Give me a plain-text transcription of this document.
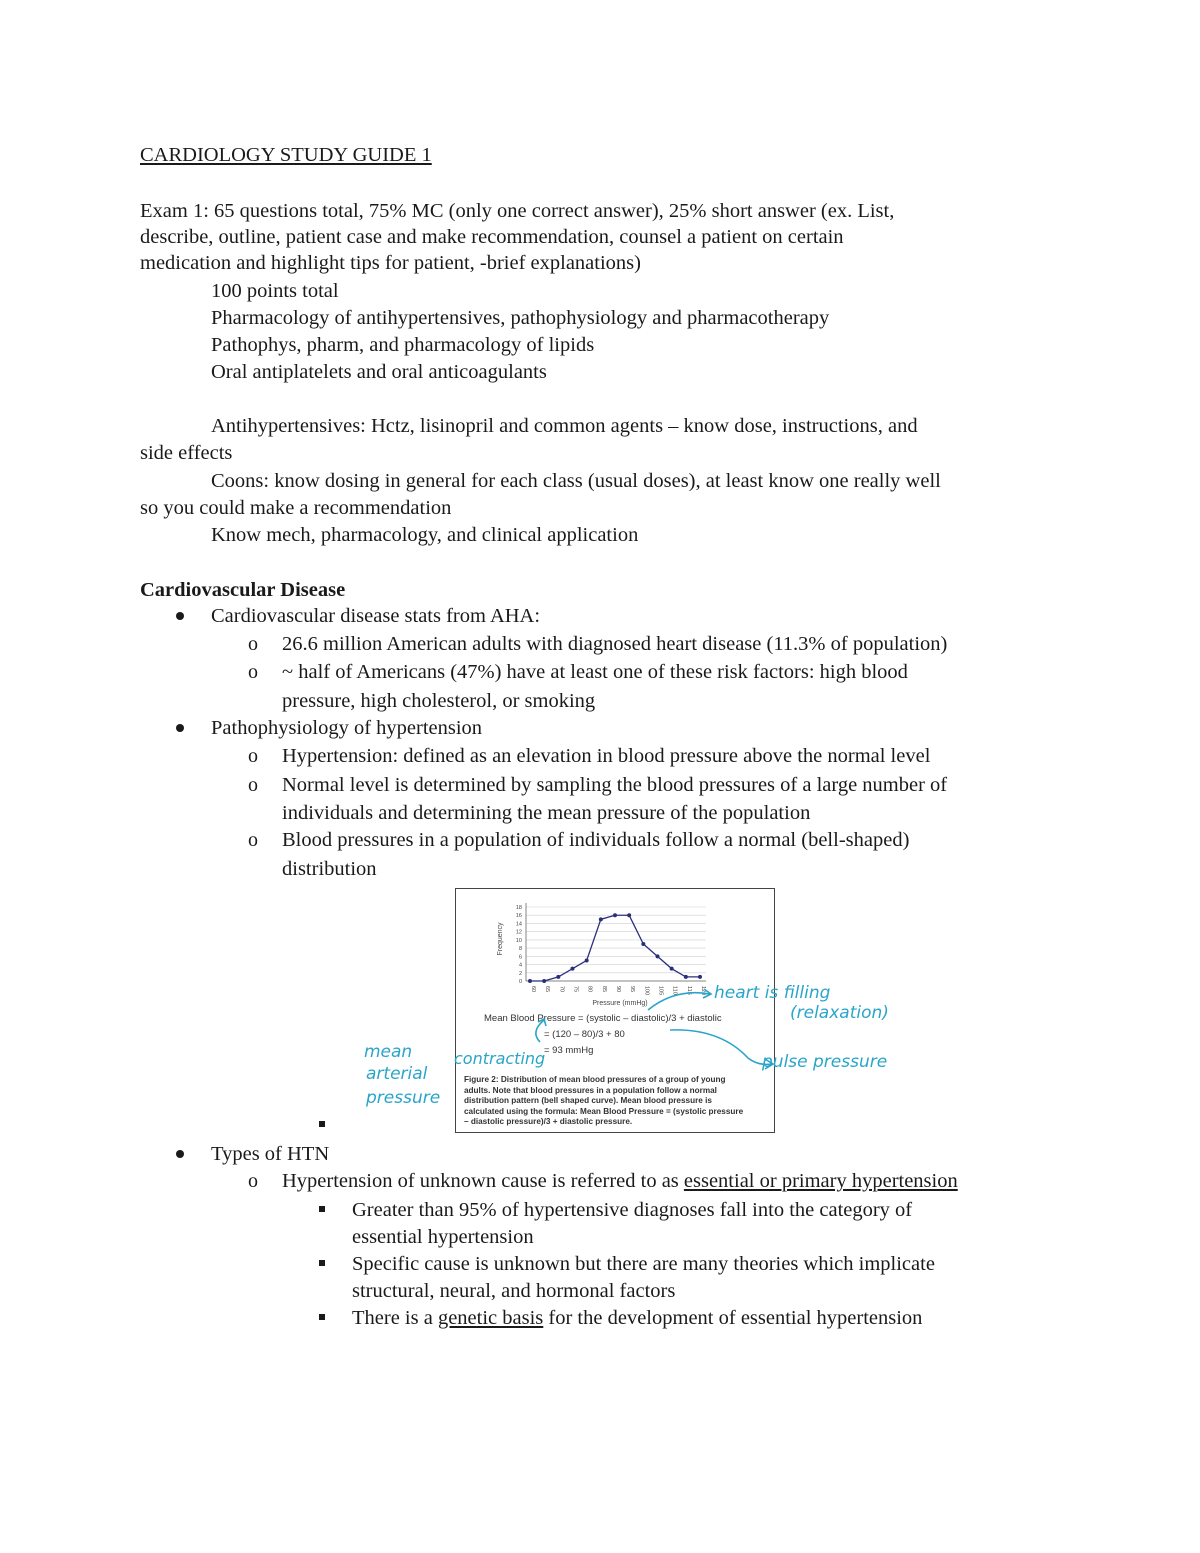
CARDIOLOGY STUDY GUIDE 1
Exam 1: 65 questions total, 75% MC (only one correct answer), 25% short answer (ex. List,
describe, outline, patient case and make recommendation, counsel a patient on certain
medication and highlight tips for patient, -brief explanations)
100 points total
Pharmacology of antihypertensives, pathophysiology and pharmacotherapy
Pathophys, pharm, and pharmacology of lipids
Oral antiplatelets and oral anticoagulants
Antihypertensives: Hctz, lisinopril and common agents – know dose, instructions, and
side effects
Coons: know dosing in general for each class (usual doses), at least know one really well
so you could make a recommendation
Know mech, pharmacology, and clinical application
Cardiovascular Disease
Cardiovascular disease stats from AHA:
o 26.6 million American adults with diagnosed heart disease (11.3% of population)
o ~ half of Americans (47%) have at least one of these risk factors: high blood
pressure, high cholesterol, or smoking
Pathophysiology of hypertension
o Hypertension: defined as an elevation in blood pressure above the normal level
o Normal level is determined by sampling the blood pressures of a large number of
individuals and determining the mean pressure of the population
o Blood pressures in a population of individuals follow a normal (bell-shaped)
distribution
18
16
14
12
10
8
6
4
2
0
60 65 70 75 80 85 90 95 100 105 110 115 120
Frequency
Pressure (mmHg)
Mean Blood Pressure = (systolic – diastolic)/3 + diastolic
= (120 – 80)/3 + 80
= 93 mmHg
Figure 2: Distribution of mean blood pressures of a group of young
adults. Note that blood pressures in a population follow a normal
distribution pattern (bell shaped curve). Mean blood pressure is
calculated using the formula: Mean Blood Pressure = (systolic pressure
– diastolic pressure)/3 + diastolic pressure.
heart is filling
(relaxation)
pulse pressure
contracting
mean
arterial
pressure
Types of HTN
o Hypertension of unknown cause is referred to as essential or primary hypertension
Greater than 95% of hypertensive diagnoses fall into the category of
essential hypertension
Specific cause is unknown but there are many theories which implicate
structural, neural, and hormonal factors
There is a genetic basis for the development of essential hypertension
